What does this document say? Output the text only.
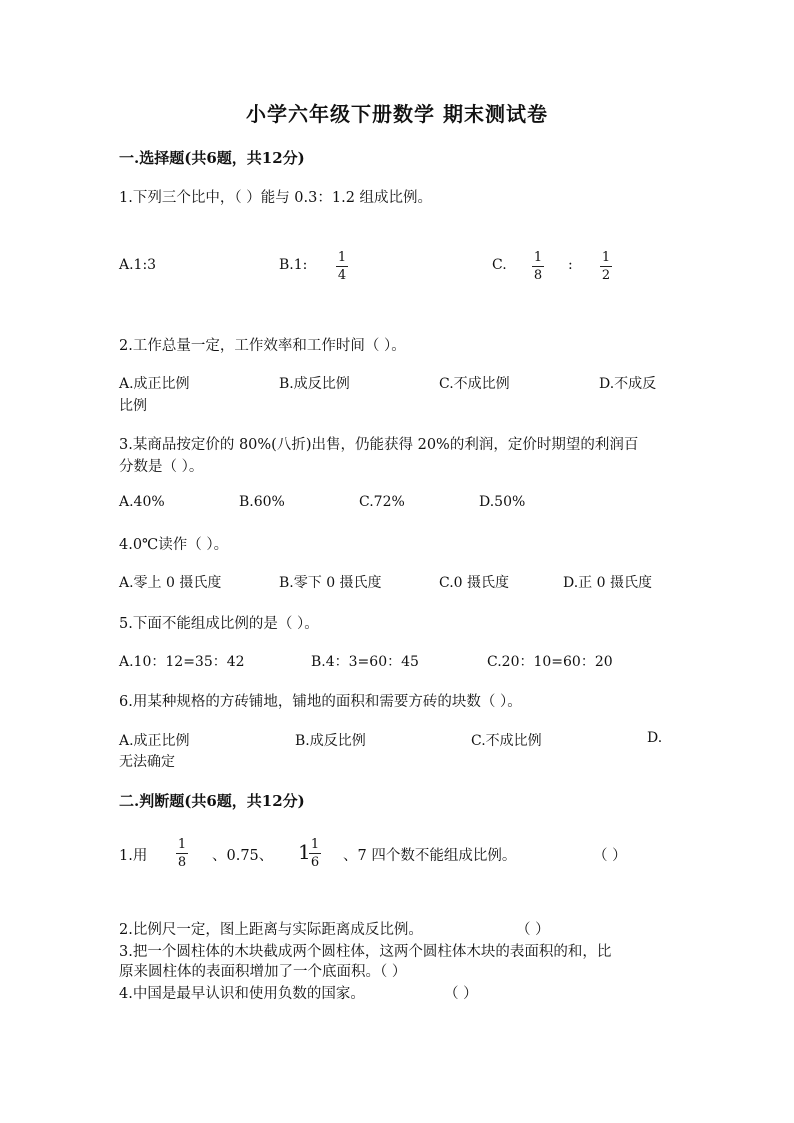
小学六年级下册数学 期末测试卷
一.选择题(共6题，共12分)
1.下列三个比中，（ ）能与 0.3：1.2 组成比例。
A.1:3	B.1: 1
4
C. 1
8
: 1
2
2.工作总量一定，工作效率和工作时间（ ）。
A.成正比例	B.成反比例	C.不成比例	D.不成反
比例
3.某商品按定价的 80%(八折)出售，仍能获得 20%的利润，定价时期望的利润百
分数是（ ）。
A.40%	B.60%	C.72%	D.50%
4.0℃读作（ ）。
A.零上 0 摄氏度	B.零下 0 摄氏度	C.0 摄氏度	D.正 0 摄氏度
5.下面不能组成比例的是（ ）。
A.10：12=35：42	B.4：3=60：45	C.20：10=60：20
6.用某种规格的方砖铺地，铺地的面积和需要方砖的块数（ ）。
A.成正比例	B.成反比例	C.不成比例	D.
无法确定
二.判断题(共6题，共12分)
1.用
1
8 、0.75、 1 1
6 、7 四个数不能组成比例。	（ ）
2.比例尺一定，图上距离与实际距离成反比例。	（ ）
3.把一个圆柱体的木块截成两个圆柱体，这两个圆柱体木块的表面积的和，比
原来圆柱体的表面积增加了一个底面积。（ ）
4.中国是最早认识和使用负数的国家。	（ ）
